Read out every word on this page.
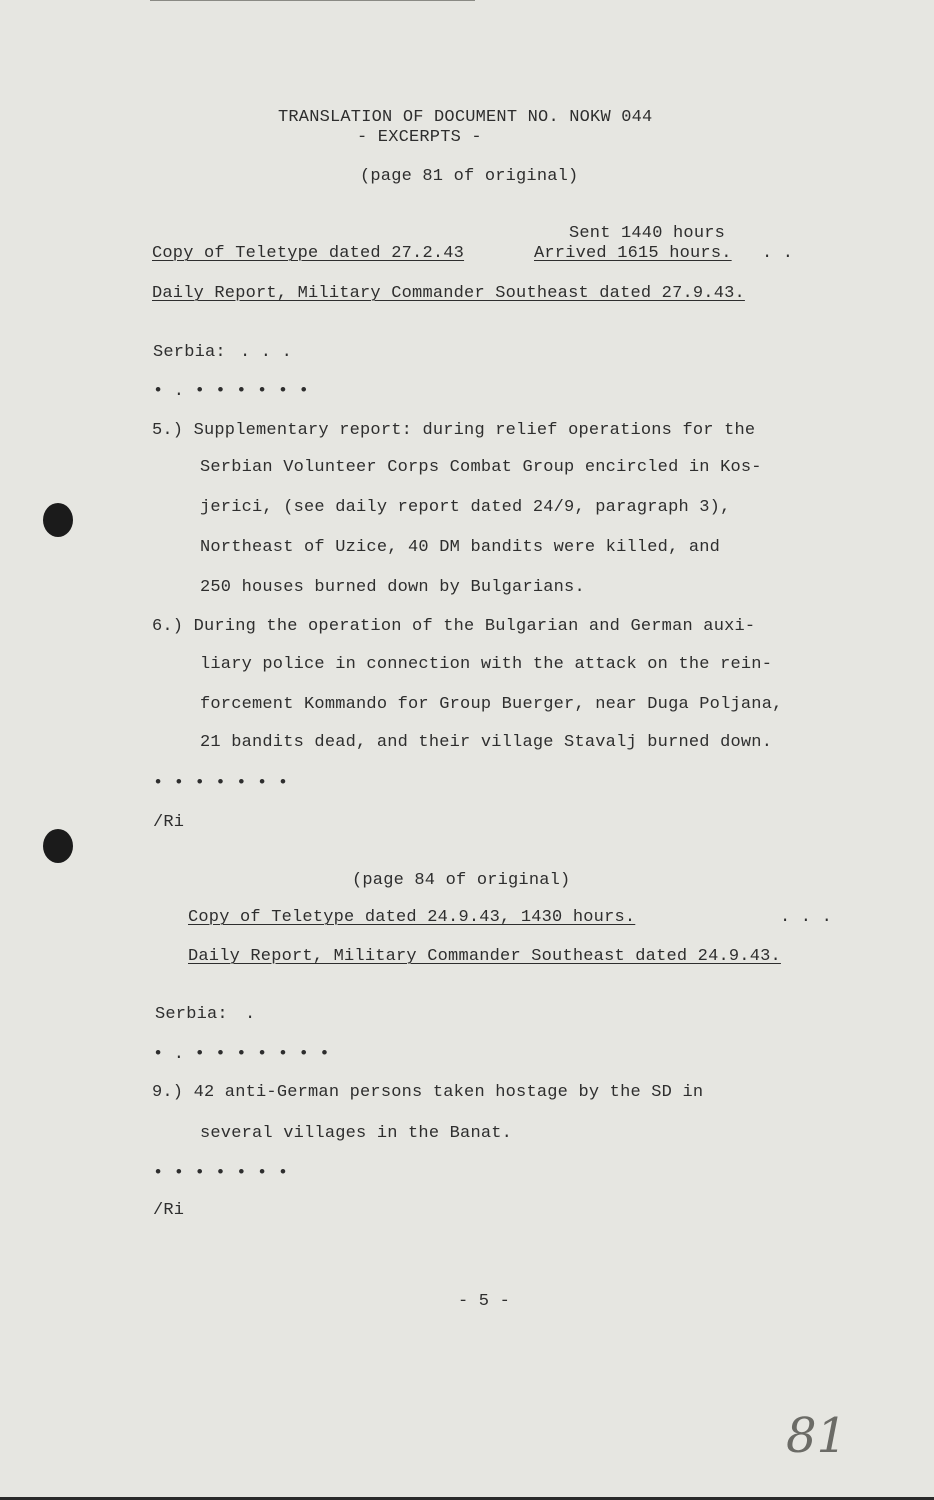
TRANSLATION OF DOCUMENT NO. NOKW 044
- EXCERPTS -
(page 81 of original)
Sent 1440 hours
Copy of Teletype dated 27.2.43	Arrived 1615 hours. . .
Daily Report, Military Commander Southeast dated 27.9.43.
Serbia: . . .
• . • • • • • •
5.) Supplementary report: during relief operations for the
Serbian Volunteer Corps Combat Group encircled in Kos-
jerici, (see daily report dated 24/9, paragraph 3),
Northeast of Uzice, 40 DM bandits were killed, and
250 houses burned down by Bulgarians.
6.) During the operation of the Bulgarian and German auxi-
liary police in connection with the attack on the rein-
forcement Kommando for Group Buerger, near Duga Poljana,
21 bandits dead, and their village Stavalj burned down.
• • • • • • •
/Ri
(page 84 of original)
Copy of Teletype dated 24.9.43, 1430 hours.	. . .
Daily Report, Military Commander Southeast dated 24.9.43.
Serbia: .
• . • • • • • • •
9.) 42 anti-German persons taken hostage by the SD in
several villages in the Banat.
• • • • • • •
/Ri
- 5 -
81
